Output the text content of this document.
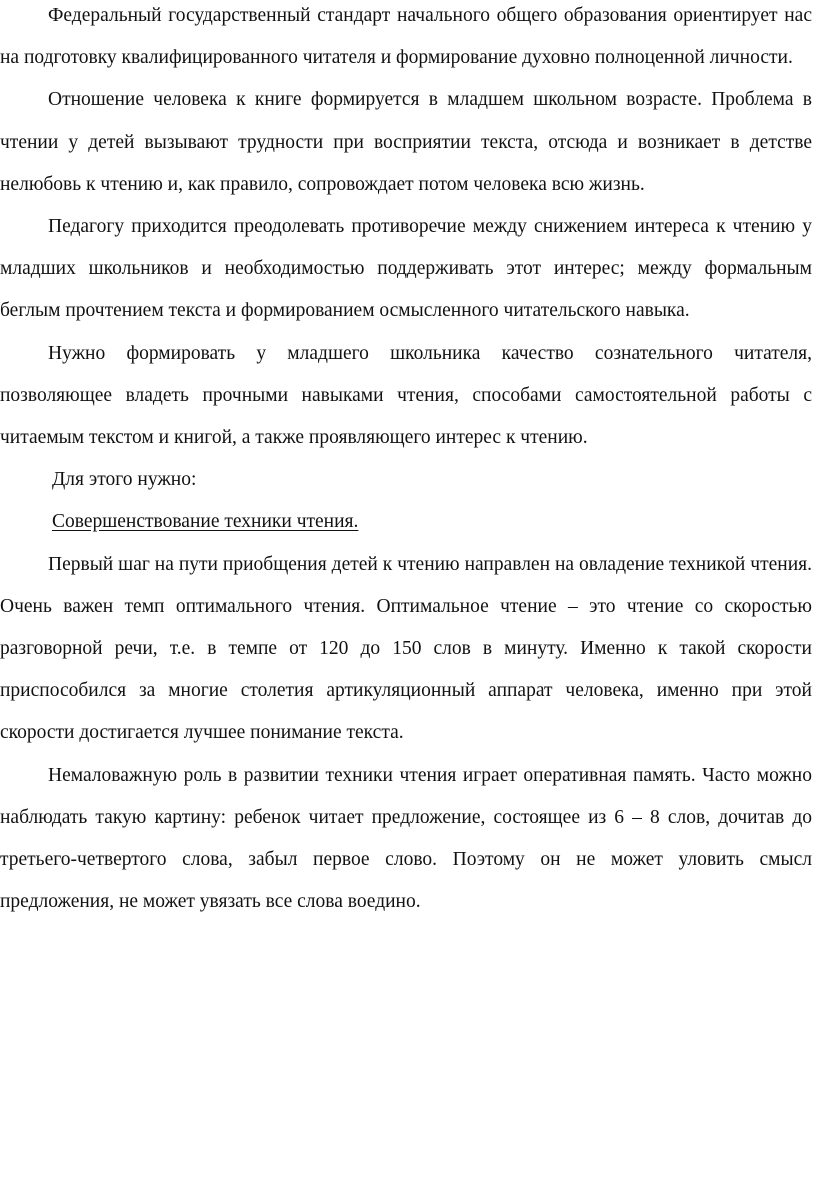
Федеральный государственный стандарт начального общего образования ориентирует нас на подготовку квалифицированного читателя и формирование духовно полноценной личности.

Отношение человека к книге формируется в младшем школьном возрасте. Проблема в чтении у детей вызывают трудности при восприятии текста, отсюда и возникает в детстве нелюбовь к чтению и, как правило, сопровождает потом человека всю жизнь.

Педагогу приходится преодолевать противоречие между снижением интереса к чтению у младших школьников и необходимостью поддерживать этот интерес; между формальным беглым прочтением текста и формированием осмысленного читательского навыка.

Нужно формировать у младшего школьника качество сознательного читателя, позволяющее владеть прочными навыками чтения, способами самостоятельной работы с читаемым текстом и книгой, а также проявляющего интерес к чтению.

Для этого нужно:

Совершенствование техники чтения.

Первый шаг на пути приобщения детей к чтению направлен на овладение техникой чтения. Очень важен темп оптимального чтения. Оптимальное чтение – это чтение со скоростью разговорной речи, т.е. в темпе от 120 до 150 слов в минуту. Именно к такой скорости приспособился за многие столетия артикуляционный аппарат человека, именно при этой скорости достигается лучшее понимание текста.

Немаловажную роль в развитии техники чтения играет оперативная память. Часто можно наблюдать такую картину: ребенок читает предложение, состоящее из 6 – 8 слов, дочитав до третьего-четвертого слова, забыл первое слово. Поэтому он не может уловить смысл предложения, не может увязать все слова воедино.
